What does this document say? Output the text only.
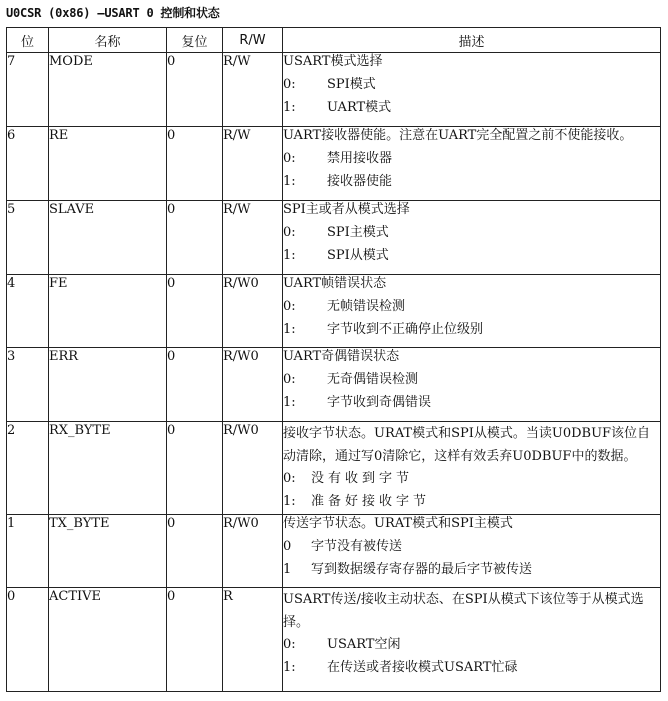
U0CSR (0x86) –USART 0 控制和状态
位	名称	复位	R/W	描述
7	MODE	0	R/W	USART模式选择
0: SPI模式
1: UART模式

6	RE	0	R/W	UART接收器使能。注意在UART完全配置之前不使能接收。
0: 禁用接收器
1: 接收器使能

5	SLAVE	0	R/W	SPI主或者从模式选择
0: SPI主模式
1: SPI从模式

4	FE	0	R/W0	UART帧错误状态
0: 无帧错误检测
1: 字节收到不正确停止位级别

3	ERR	0	R/W0	UART奇偶错误状态
0: 无奇偶错误检测
1: 字节收到奇偶错误

2	RX_BYTE	0	R/W0	接收字节状态。URAT模式和SPI从模式。当读U0DBUF该位自动清除，通过写0清除它，这样有效丢弃U0DBUF中的数据。
0: 没有收到字节
1: 准备好接收字节

1	TX_BYTE	0	R/W0	传送字节状态。URAT模式和SPI主模式
0 字节没有被传送
1 写到数据缓存寄存器的最后字节被传送

0	ACTIVE	0	R	USART传送/接收主动状态、在SPI从模式下该位等于从模式选择。
0: USART空闲
1: 在传送或者接收模式USART忙碌
